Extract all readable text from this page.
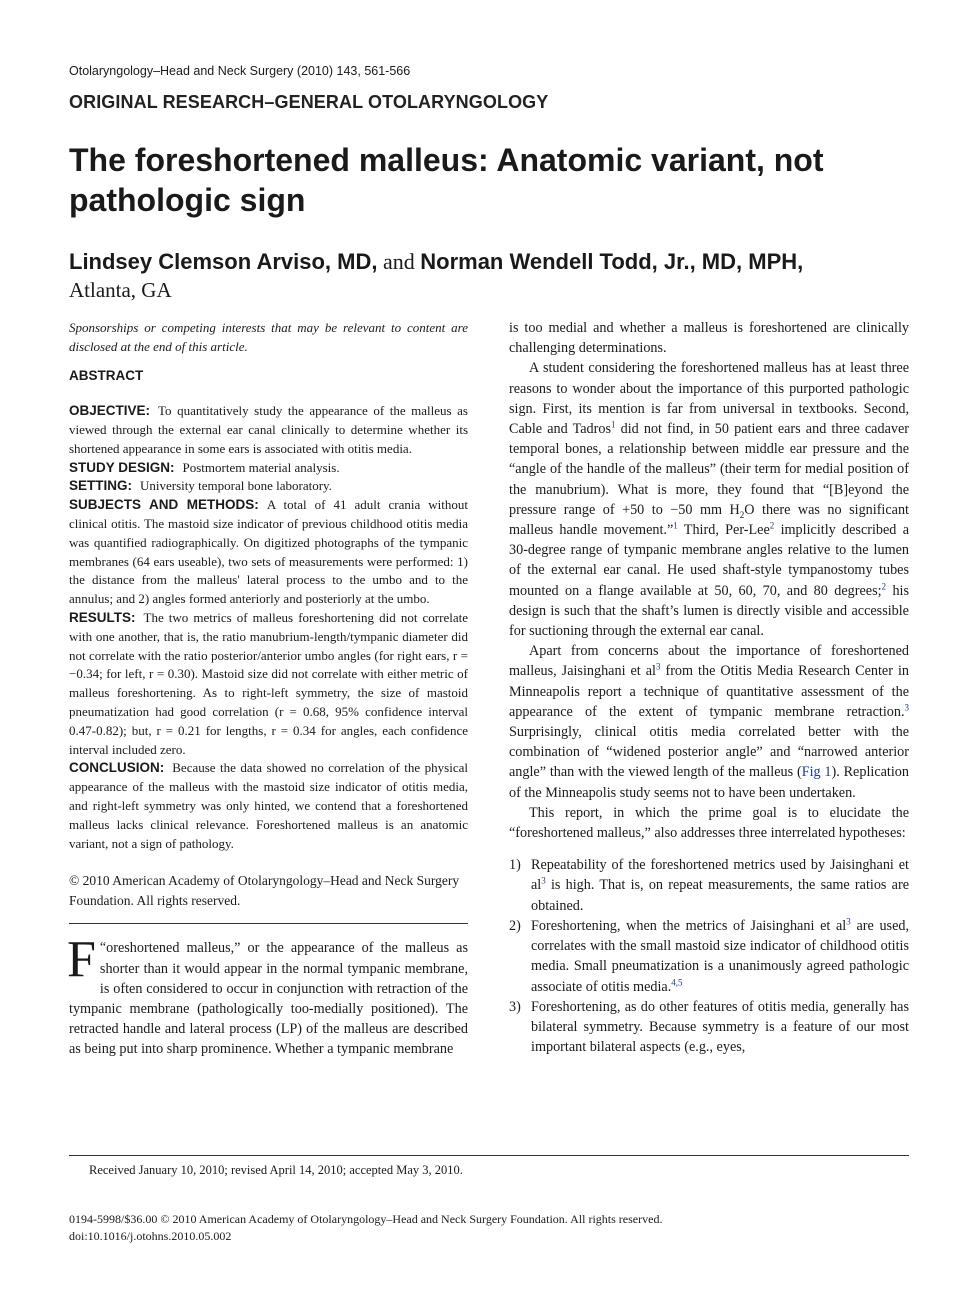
Otolaryngology–Head and Neck Surgery (2010) 143, 561-566
ORIGINAL RESEARCH–GENERAL OTOLARYNGOLOGY
The foreshortened malleus: Anatomic variant, not pathologic sign
Lindsey Clemson Arviso, MD, and Norman Wendell Todd, Jr., MD, MPH,
Atlanta, GA

Sponsorships or competing interests that may be relevant to content are disclosed at the end of this article.

ABSTRACT

OBJECTIVE: To quantitatively study the appearance of the malleus as viewed through the external ear canal clinically to determine whether its shortened appearance in some ears is associated with otitis media.

STUDY DESIGN: Postmortem material analysis.

SETTING: University temporal bone laboratory.

SUBJECTS AND METHODS: A total of 41 adult crania without clinical otitis. The mastoid size indicator of previous childhood otitis media was quantified radiographically. On digitized photographs of the tympanic membranes (64 ears useable), two sets of measurements were performed: 1) the distance from the malleus' lateral process to the umbo and to the annulus; and 2) angles formed anteriorly and posteriorly at the umbo.

RESULTS: The two metrics of malleus foreshortening did not correlate with one another, that is, the ratio manubrium-length/tympanic diameter did not correlate with the ratio posterior/anterior umbo angles (for right ears, r = −0.34; for left, r = 0.30). Mastoid size did not correlate with either metric of malleus foreshortening. As to right-left symmetry, the size of mastoid pneumatization had good correlation (r = 0.68, 95% confidence interval 0.47-0.82); but, r = 0.21 for lengths, r = 0.34 for angles, each confidence interval included zero.

CONCLUSION: Because the data showed no correlation of the physical appearance of the malleus with the mastoid size indicator of otitis media, and right-left symmetry was only hinted, we contend that a foreshortened malleus lacks clinical relevance. Foreshortened malleus is an anatomic variant, not a sign of pathology.

© 2010 American Academy of Otolaryngology–Head and Neck Surgery Foundation. All rights reserved.

“
F oreshortened malleus,” or the appearance of the malleus as shorter than it would appear in the normal tympanic membrane, is often considered to occur in conjunction with retraction of the tympanic membrane (pathologically too-medially positioned). The retracted handle and lateral process (LP) of the malleus are described as being put into sharp prominence. Whether a tympanic membrane

is too medial and whether a malleus is foreshortened are clinically challenging determinations.

A student considering the foreshortened malleus has at least three reasons to wonder about the importance of this purported pathologic sign. First, its mention is far from universal in textbooks. Second, Cable and Tadros$^1$ did not find, in 50 patient ears and three cadaver temporal bones, a relationship between middle ear pressure and the “angle of the handle of the malleus” (their term for medial position of the manubrium). What is more, they found that “[B]eyond the pressure range of +50 to −50 mm $H_2O$ there was no significant malleus handle movement.”$^1$ Third, Per-Lee$^2$ implicitly described a 30-degree range of tympanic membrane angles relative to the lumen of the external ear canal. He used shaft-style tympanostomy tubes mounted on a flange available at 50, 60, 70, and 80 degrees;$^2$ his design is such that the shaft’s lumen is directly visible and accessible for suctioning through the external ear canal.

Apart from concerns about the importance of foreshortened malleus, Jaisinghani et $al^3$ from the Otitis Media Research Center in Minneapolis report a technique of quantitative assessment of the appearance of the extent of tympanic membrane retraction.$^3$ Surprisingly, clinical otitis media correlated better with the combination of “widened posterior angle” and “narrowed anterior angle” than with the viewed length of the malleus (Fig 1). Replication of the Minneapolis study seems not to have been undertaken.

This report, in which the prime goal is to elucidate the “foreshortened malleus,” also addresses three interrelated hypotheses:

1) Repeatability of the foreshortened metrics used by Jaisinghani et $al^3$ is high. That is, on repeat measurements, the same ratios are obtained.
2) Foreshortening, when the metrics of Jaisinghani et $al^3$ are used, correlates with the small mastoid size indicator of childhood otitis media. Small pneumatization is a unanimously agreed pathologic associate of otitis media.$^{4,5}$
3) Foreshortening, as do other features of otitis media, generally has bilateral symmetry. Because symmetry is a feature of our most important bilateral aspects (e.g., eyes,
Received January 10, 2010; revised April 14, 2010; accepted May 3, 2010.
0194-5998/$36.00 © 2010 American Academy of Otolaryngology–Head and Neck Surgery Foundation. All rights reserved.
doi:10.1016/j.otohns.2010.05.002
